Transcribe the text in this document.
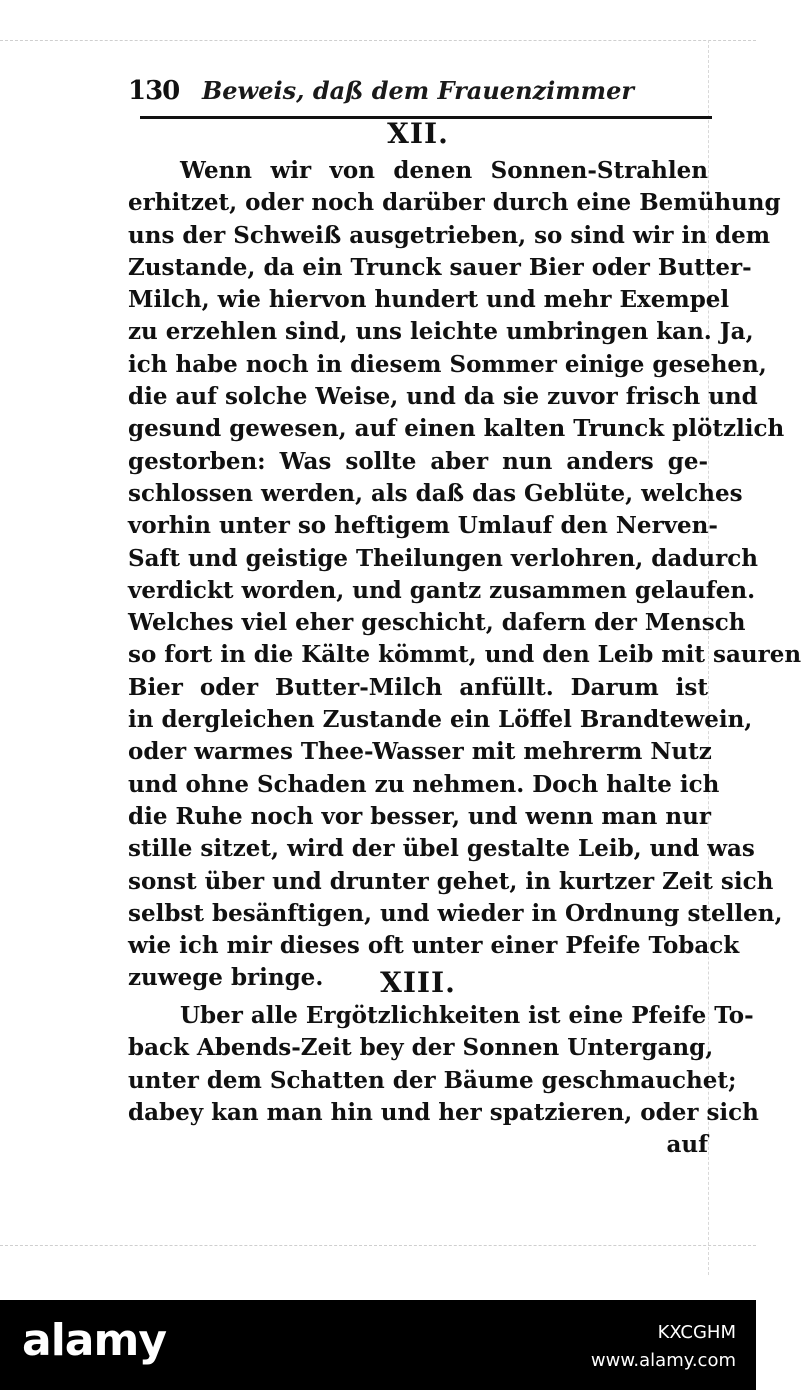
130 Beweis, daß dem Frauenzimmer
XII.
Wenn wir von denen Sonnen-Strahlen
erhitzet, oder noch darüber durch eine Bemühung
uns der Schweiß ausgetrieben, so sind wir in dem
Zustande, da ein Trunck sauer Bier oder Butter-
Milch, wie hiervon hundert und mehr Exempel
zu erzehlen sind, uns leichte umbringen kan. Ja,
ich habe noch in diesem Sommer einige gesehen,
die auf solche Weise, und da sie zuvor frisch und
gesund gewesen, auf einen kalten Trunck plötzlich
gestorben: Was sollte aber nun anders ge-
schlossen werden, als daß das Geblüte, welches
vorhin unter so heftigem Umlauf den Nerven-
Saft und geistige Theilungen verlohren, dadurch
verdickt worden, und gantz zusammen gelaufen.
Welches viel eher geschicht, dafern der Mensch
so fort in die Kälte kömmt, und den Leib mit sauren
Bier oder Butter-Milch anfüllt. Darum ist
in dergleichen Zustande ein Löffel Brandtewein,
oder warmes Thee-Wasser mit mehrerm Nutz
und ohne Schaden zu nehmen. Doch halte ich
die Ruhe noch vor besser, und wenn man nur
stille sitzet, wird der übel gestalte Leib, und was
sonst über und drunter gehet, in kurtzer Zeit sich
selbst besänftigen, und wieder in Ordnung stellen,
wie ich mir dieses oft unter einer Pfeife Toback
zuwege bringe.	XIII.
Uber alle Ergötzlichkeiten ist eine Pfeife To-
back Abends-Zeit bey der Sonnen Untergang,
unter dem Schatten der Bäume geschmauchet;
dabey kan man hin und her spatzieren, oder sich
auf
alamy	KXCGHM
www.alamy.com
